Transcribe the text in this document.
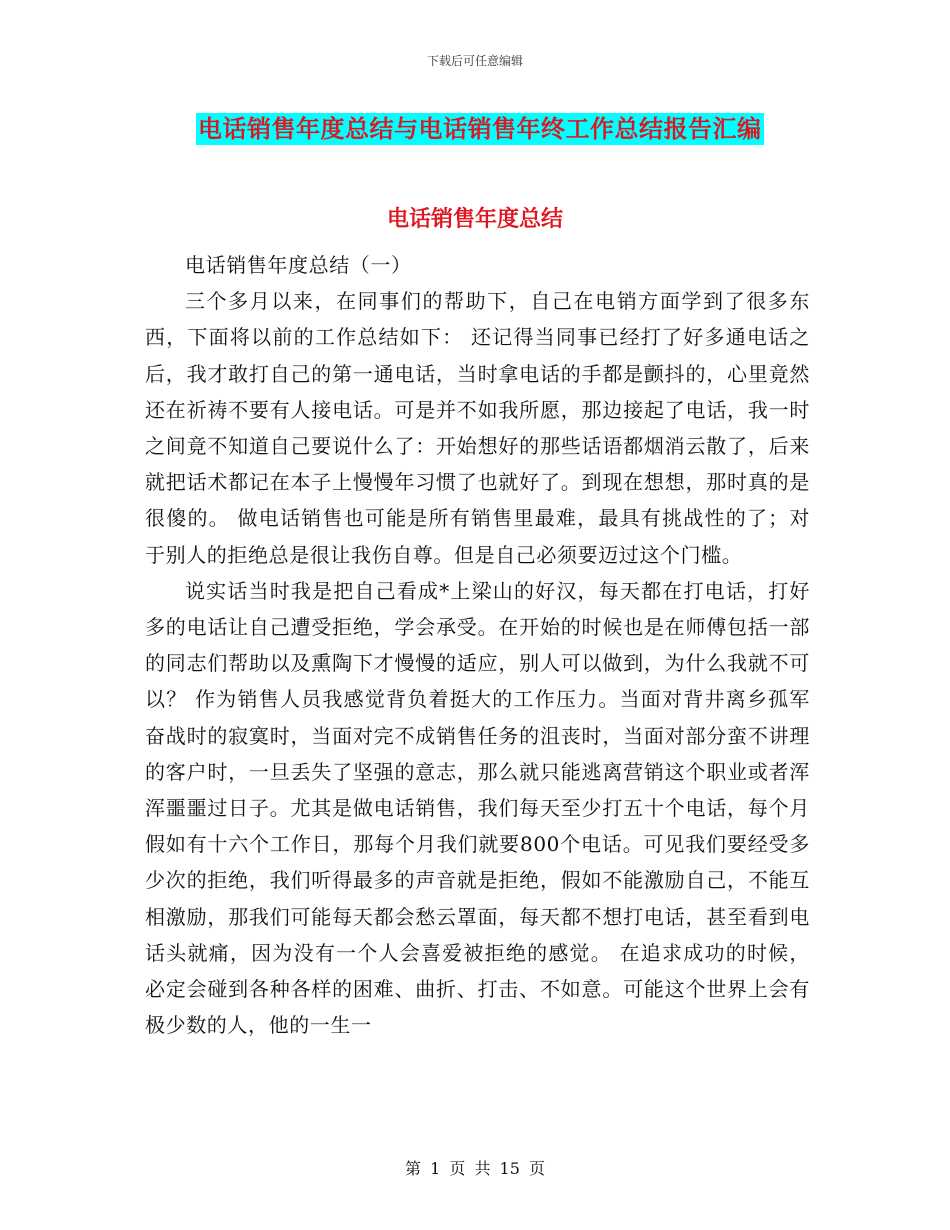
下载后可任意编辑
电话销售年度总结与电话销售年终工作总结报告汇编
电话销售年度总结

电话销售年度总结（一）

三个多月以来，在同事们的帮助下，自己在电销方面学到了很多东西，下面将以前的工作总结如下： 还记得当同事已经打了好多通电话之后，我才敢打自己的第一通电话，当时拿电话的手都是颤抖的，心里竟然还在祈祷不要有人接电话。可是并不如我所愿，那边接起了电话，我一时之间竟不知道自己要说什么了：开始想好的那些话语都烟消云散了，后来就把话术都记在本子上慢慢年习惯了也就好了。到现在想想，那时真的是很傻的。 做电话销售也可能是所有销售里最难，最具有挑战性的了；对于别人的拒绝总是很让我伤自尊。但是自己必须要迈过这个门槛。

说实话当时我是把自己看成*上梁山的好汉，每天都在打电话，打好多的电话让自己遭受拒绝，学会承受。在开始的时候也是在师傅包括一部的同志们帮助以及熏陶下才慢慢的适应，别人可以做到，为什么我就不可以？ 作为销售人员我感觉背负着挺大的工作压力。当面对背井离乡孤军奋战时的寂寞时，当面对完不成销售任务的沮丧时，当面对部分蛮不讲理的客户时，一旦丢失了坚强的意志，那么就只能逃离营销这个职业或者浑浑噩噩过日子。尤其是做电话销售，我们每天至少打五十个电话，每个月假如有十六个工作日，那每个月我们就要800个电话。可见我们要经受多少次的拒绝，我们听得最多的声音就是拒绝，假如不能激励自己，不能互相激励，那我们可能每天都会愁云罩面，每天都不想打电话，甚至看到电话头就痛，因为没有一个人会喜爱被拒绝的感觉。 在追求成功的时候，必定会碰到各种各样的困难、曲折、打击、不如意。可能这个世界上会有极少数的人，他的一生一

第 1 页 共 15 页
